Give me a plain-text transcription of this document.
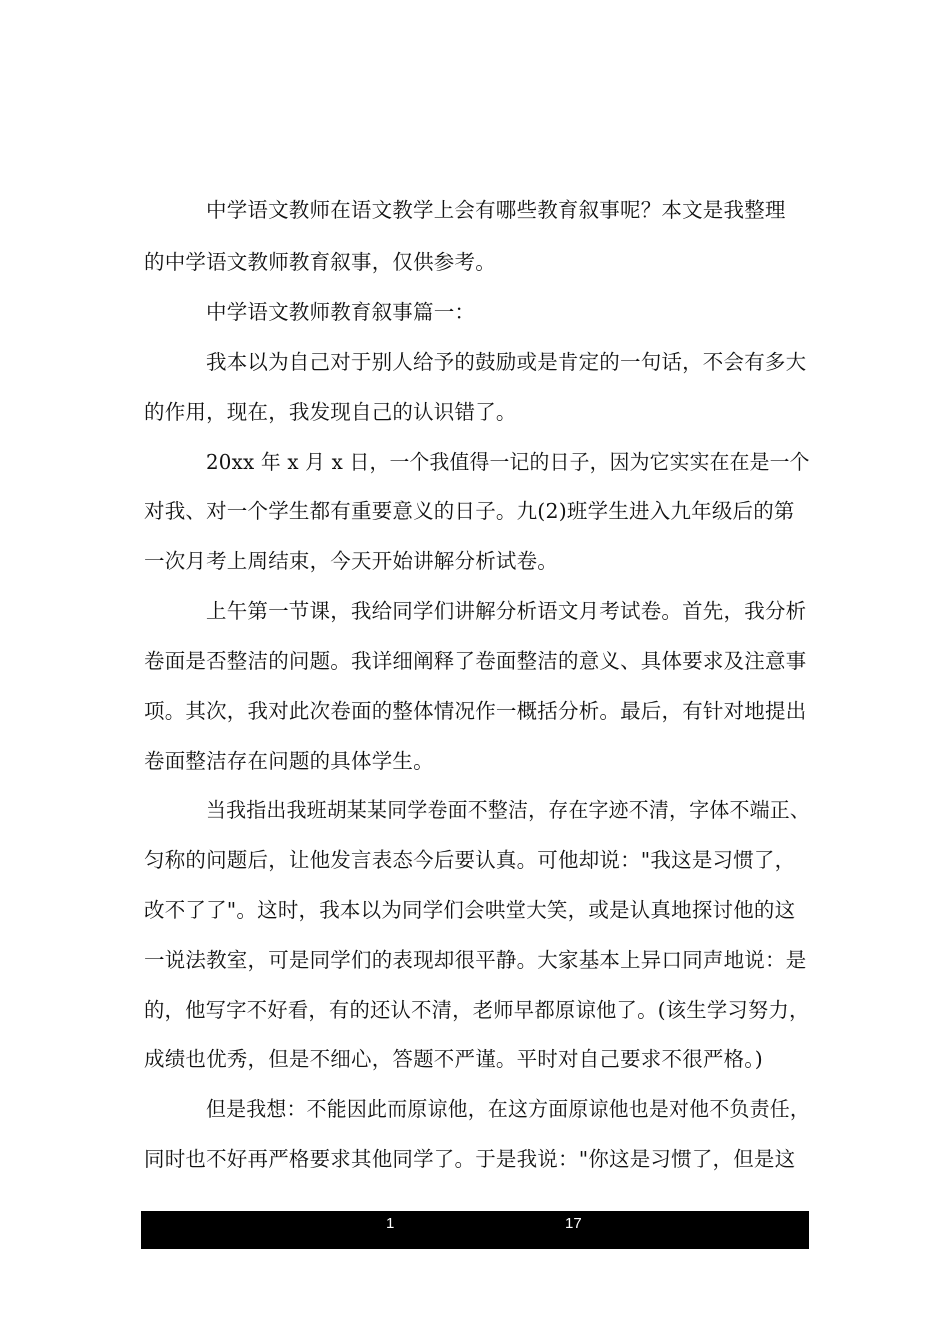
中学语文教师在语文教学上会有哪些教育叙事呢？本文是我整理
的中学语文教师教育叙事，仅供参考。
中学语文教师教育叙事篇一：
我本以为自己对于别人给予的鼓励或是肯定的一句话，不会有多大
的作用，现在，我发现自己的认识错了。
20xx 年 x 月 x 日，一个我值得一记的日子，因为它实实在在是一个
对我、对一个学生都有重要意义的日子。九(2)班学生进入九年级后的第
一次月考上周结束，今天开始讲解分析试卷。
上午第一节课，我给同学们讲解分析语文月考试卷。首先，我分析
卷面是否整洁的问题。我详细阐释了卷面整洁的意义、具体要求及注意事
项。其次，我对此次卷面的整体情况作一概括分析。最后，有针对地提出
卷面整洁存在问题的具体学生。
当我指出我班胡某某同学卷面不整洁，存在字迹不清，字体不端正、
匀称的问题后，让他发言表态今后要认真。可他却说："我这是习惯了，
改不了了"。这时，我本以为同学们会哄堂大笑，或是认真地探讨他的这
一说法教室，可是同学们的表现却很平静。大家基本上异口同声地说：是
的，他写字不好看，有的还认不清，老师早都原谅他了。(该生学习努力，
成绩也优秀，但是不细心，答题不严谨。平时对自己要求不很严格。)
但是我想：不能因此而原谅他，在这方面原谅他也是对他不负责任，
同时也不好再严格要求其他同学了。于是我说："你这是习惯了，但是这
1	17
